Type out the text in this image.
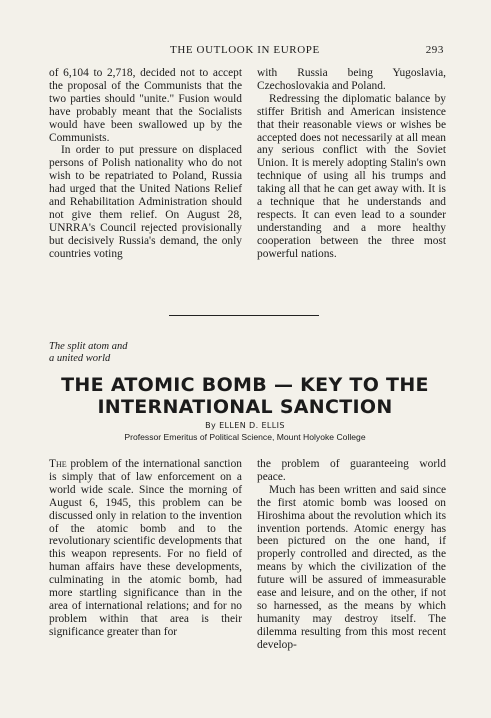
THE OUTLOOK IN EUROPE	293

of 6,104 to 2,718, decided not to accept the proposal of the Communists that the two parties should "unite." Fusion would have probably meant that the Socialists would have been swallowed up by the Communists.

In order to put pressure on displaced persons of Polish nationality who do not wish to be repatriated to Poland, Russia had urged that the United Nations Relief and Rehabilitation Administration should not give them relief. On August 28, UNRRA's Council rejected provisionally but decisively Russia's demand, the only countries voting

with Russia being Yugoslavia, Czechoslovakia and Poland.

Redressing the diplomatic balance by stiffer British and American insistence that their reasonable views or wishes be accepted does not necessarily at all mean any serious conflict with the Soviet Union. It is merely adopting Stalin's own technique of using all his trumps and taking all that he can get away with. It is a technique that he understands and respects. It can even lead to a sounder understanding and a more healthy cooperation between the three most powerful nations.

The split atom and
a united world
THE ATOMIC BOMB — KEY TO THE
INTERNATIONAL SANCTION
By ELLEN D. ELLIS
Professor Emeritus of Political Science, Mount Holyoke College

The problem of the international sanction is simply that of law enforcement on a world wide scale. Since the morning of August 6, 1945, this problem can be discussed only in relation to the invention of the atomic bomb and to the revolutionary scientific developments that this weapon represents. For no field of human affairs have these developments, culminating in the atomic bomb, had more startling significance than in the area of international relations; and for no problem within that area is their significance greater than for

the problem of guaranteeing world peace.

Much has been written and said since the first atomic bomb was loosed on Hiroshima about the revolution which its invention portends. Atomic energy has been pictured on the one hand, if properly controlled and directed, as the means by which the civilization of the future will be assured of immeasurable ease and leisure, and on the other, if not so harnessed, as the means by which humanity may destroy itself. The dilemma resulting from this most recent develop-
